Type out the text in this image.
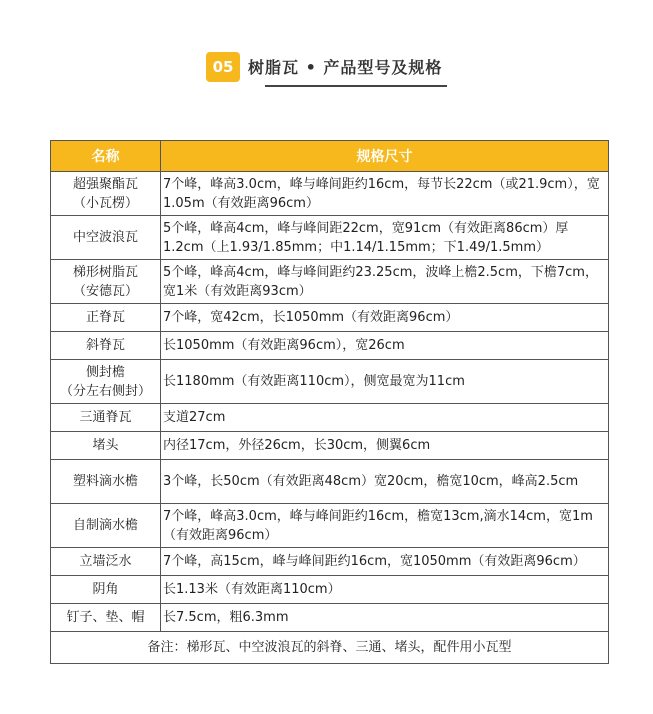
05 树脂瓦 • 产品型号及规格
名称	规格尺寸
超强聚酯瓦
（小瓦楞）	7个峰，峰高3.0cm，峰与峰间距约16cm，每节长22cm（或21.9cm），宽1.05m（有效距离96cm）
中空波浪瓦	5个峰，峰高4cm，峰与峰间距22cm，宽91cm（有效距离86cm）厚1.2cm（上1.93/1.85mm；中1.14/1.15mm；下1.49/1.5mm）
梯形树脂瓦
（安德瓦）	5个峰，峰高4cm，峰与峰间距约23.25cm，波峰上檐2.5cm，下檐7cm，宽1米（有效距离93cm）
正脊瓦	7个峰，宽42cm，长1050mm（有效距离96cm）
斜脊瓦	长1050mm（有效距离96cm），宽26cm
侧封檐
（分左右侧封）	长1180mm（有效距离110cm），侧宽最宽为11cm
三通脊瓦	支道27cm
堵头	内径17cm，外径26cm，长30cm，侧翼6cm
塑料滴水檐	3个峰，长50cm（有效距离48cm）宽20cm，檐宽10cm，峰高2.5cm
自制滴水檐	7个峰，峰高3.0cm，峰与峰间距约16cm，檐宽13cm,滴水14cm，宽1m（有效距离96cm）
立墙泛水	7个峰，高15cm，峰与峰间距约16cm，宽1050mm（有效距离96cm）
阴角	长1.13米（有效距离110cm）
钉子、垫、帽	长7.5cm，粗6.3mm
备注：梯形瓦、中空波浪瓦的斜脊、三通、堵头，配件用小瓦型	
